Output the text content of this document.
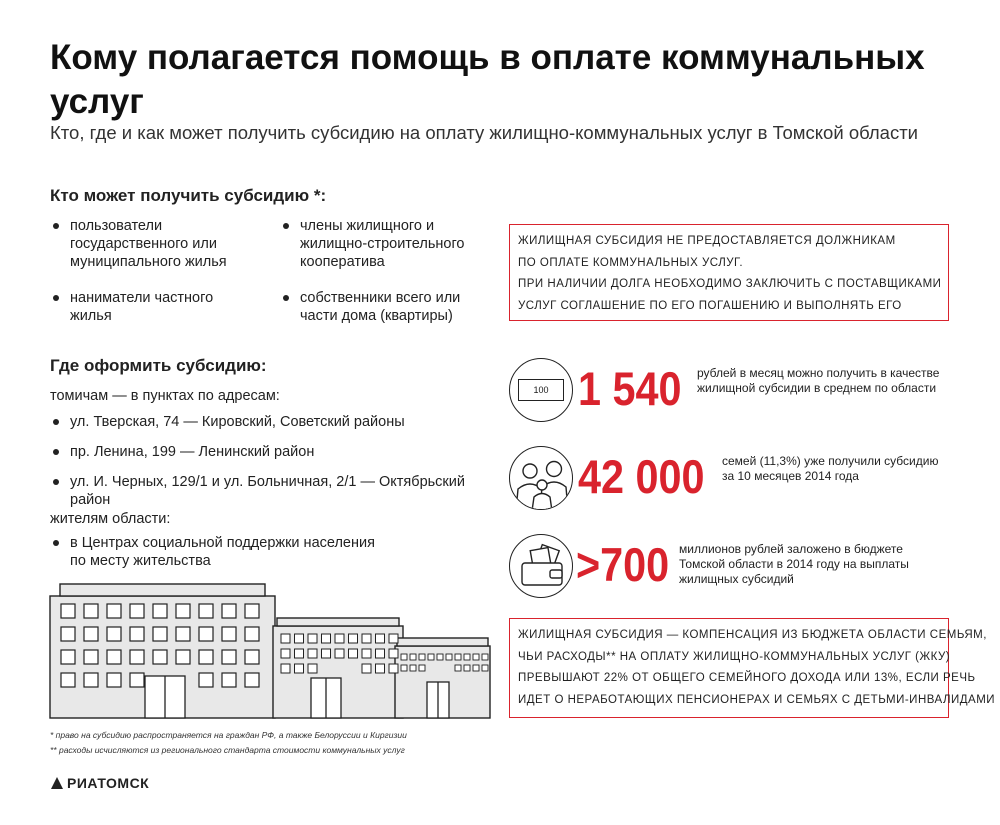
Кому полагается помощь в оплате коммунальных услуг
Кто, где и как может получить субсидию на оплату жилищно-коммунальных услуг в Томской области
Кто может получить субсидию *:
пользователи государственного или муниципального жилья
члены жилищного и жилищно-строительного кооператива
наниматели частного жилья
собственники всего или части дома (квартиры)
Где оформить субсидию:
томичам — в пунктах по адресам:
ул. Тверская, 74 — Кировский, Советский районы
пр. Ленина, 199 — Ленинский район
ул. И. Черных, 129/1 и ул. Больничная, 2/1 — Октябрьский район
жителям области:
в Центрах социальной поддержки населения по месту жительства
ЖИЛИЩНАЯ СУБСИДИЯ НЕ ПРЕДОСТАВЛЯЕТСЯ ДОЛЖНИКАМ
ПО ОПЛАТЕ КОММУНАЛЬНЫХ УСЛУГ.
ПРИ НАЛИЧИИ ДОЛГА НЕОБХОДИМО ЗАКЛЮЧИТЬ С ПОСТАВЩИКАМИ
УСЛУГ СОГЛАШЕНИЕ ПО ЕГО ПОГАШЕНИЮ И ВЫПОЛНЯТЬ ЕГО
100 1 540 рублей в месяц можно получить в качестве жилищной субсидии в среднем по области
42 000 семей (11,3%) уже получили субсидию за 10 месяцев 2014 года
>700 миллионов рублей заложено в бюджете Томской области в 2014 году на выплаты жилищных субсидий
ЖИЛИЩНАЯ СУБСИДИЯ — КОМПЕНСАЦИЯ ИЗ БЮДЖЕТА ОБЛАСТИ СЕМЬЯМ,
ЧЬИ РАСХОДЫ** НА ОПЛАТУ ЖИЛИЩНО-КОММУНАЛЬНЫХ УСЛУГ (ЖКУ)
ПРЕВЫШАЮТ 22% ОТ ОБЩЕГО СЕМЕЙНОГО ДОХОДА ИЛИ 13%, ЕСЛИ РЕЧЬ
ИДЕТ О НЕРАБОТАЮЩИХ ПЕНСИОНЕРАХ И СЕМЬЯХ С ДЕТЬМИ-ИНВАЛИДАМИ
* право на субсидию распространяется на граждан РФ, а также Белоруссии и Киргизии
** расходы исчисляются из регионального стандарта стоимости коммунальных услуг
РИАТОМСК
